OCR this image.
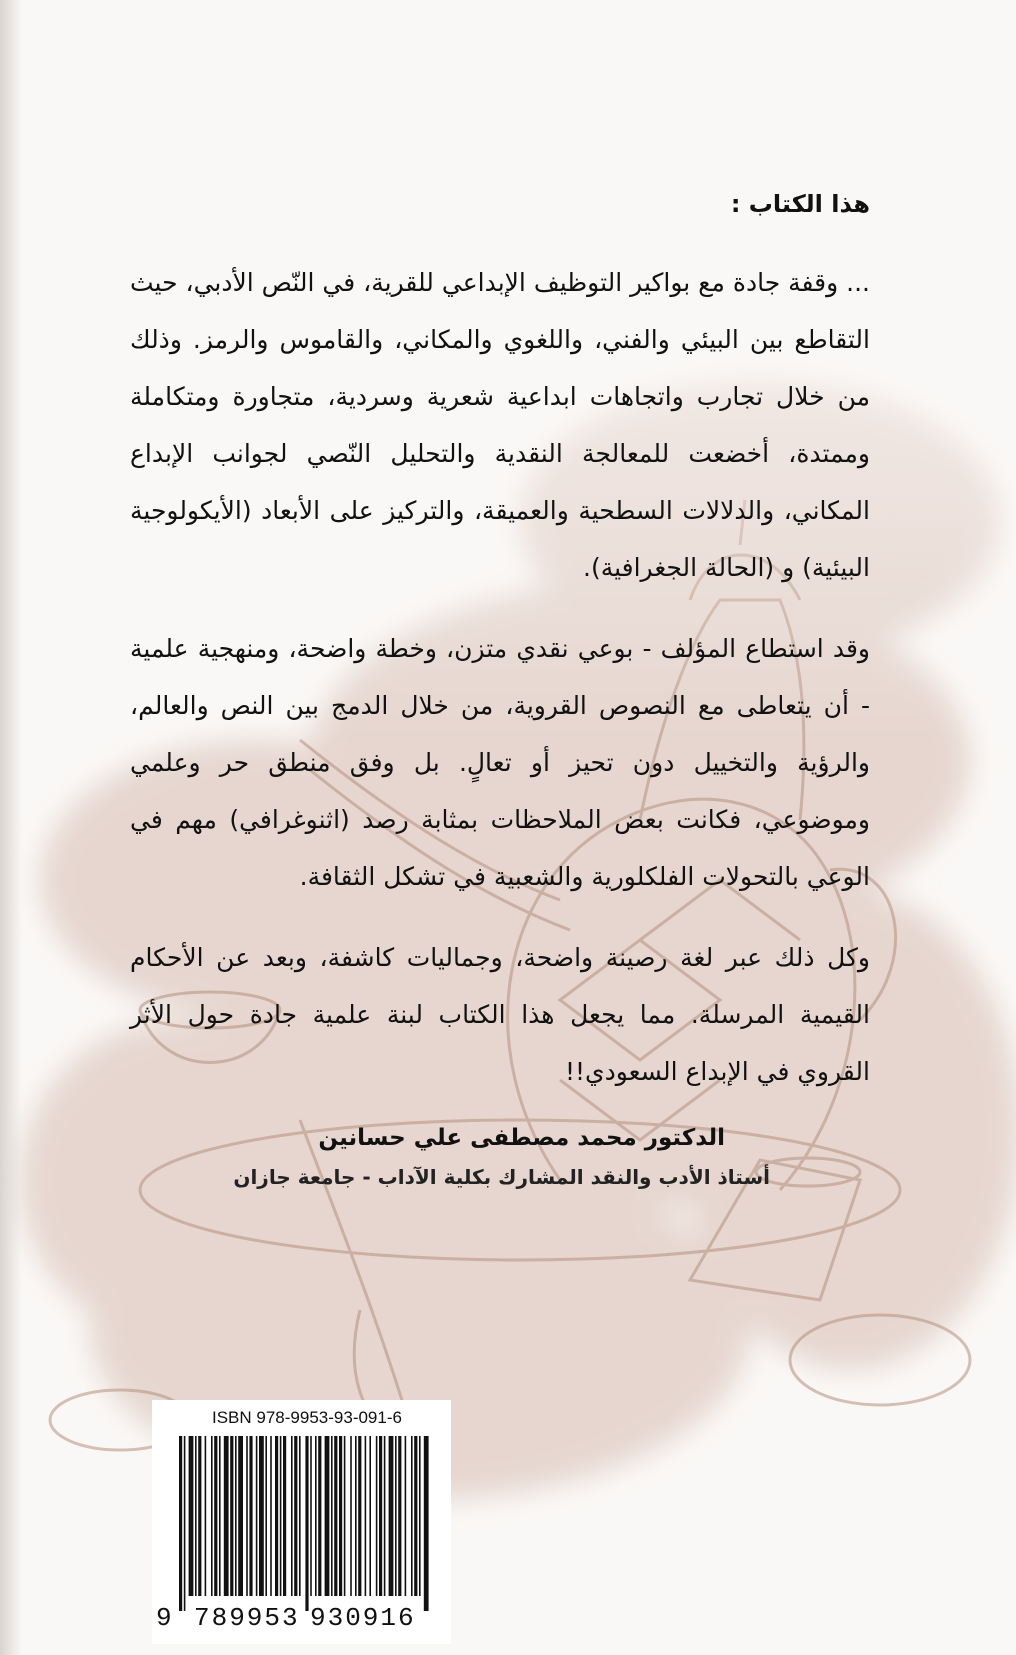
هذا الكتاب :

... وقفة جادة مع بواكير التوظيف الإبداعي للقرية، في النّص الأدبي، حيث التقاطع بين البيئي والفني، واللغوي والمكاني، والقاموس والرمز. وذلك من خلال تجارب واتجاهات ابداعية شعرية وسردية، متجاورة ومتكاملة وممتدة، أخضعت للمعالجة النقدية والتحليل النّصي لجوانب الإبداع المكاني، والدلالات السطحية والعميقة، والتركيز على الأبعاد (الأيكولوجية البيئية) و (الحالة الجغرافية).

وقد استطاع المؤلف - بوعي نقدي متزن، وخطة واضحة، ومنهجية علمية - أن يتعاطى مع النصوص القروية، من خلال الدمج بين النص والعالم، والرؤية والتخييل دون تحيز أو تعالٍ. بل وفق منطق حر وعلمي وموضوعي، فكانت بعض الملاحظات بمثابة رصد (اثنوغرافي) مهم في الوعي بالتحولات الفلكلورية والشعبية في تشكل الثقافة.

وكل ذلك عبر لغة رصينة واضحة، وجماليات كاشفة، وبعد عن الأحكام القيمية المرسلة. مما يجعل هذا الكتاب لبنة علمية جادة حول الأثر القروي في الإبداع السعودي!!

الدكتور محمد مصطفى علي حسانين
أستاذ الأدب والنقد المشارك بكلية الآداب - جامعة جازان
ISBN 978-9953-93-091-6
9 789953 930916
